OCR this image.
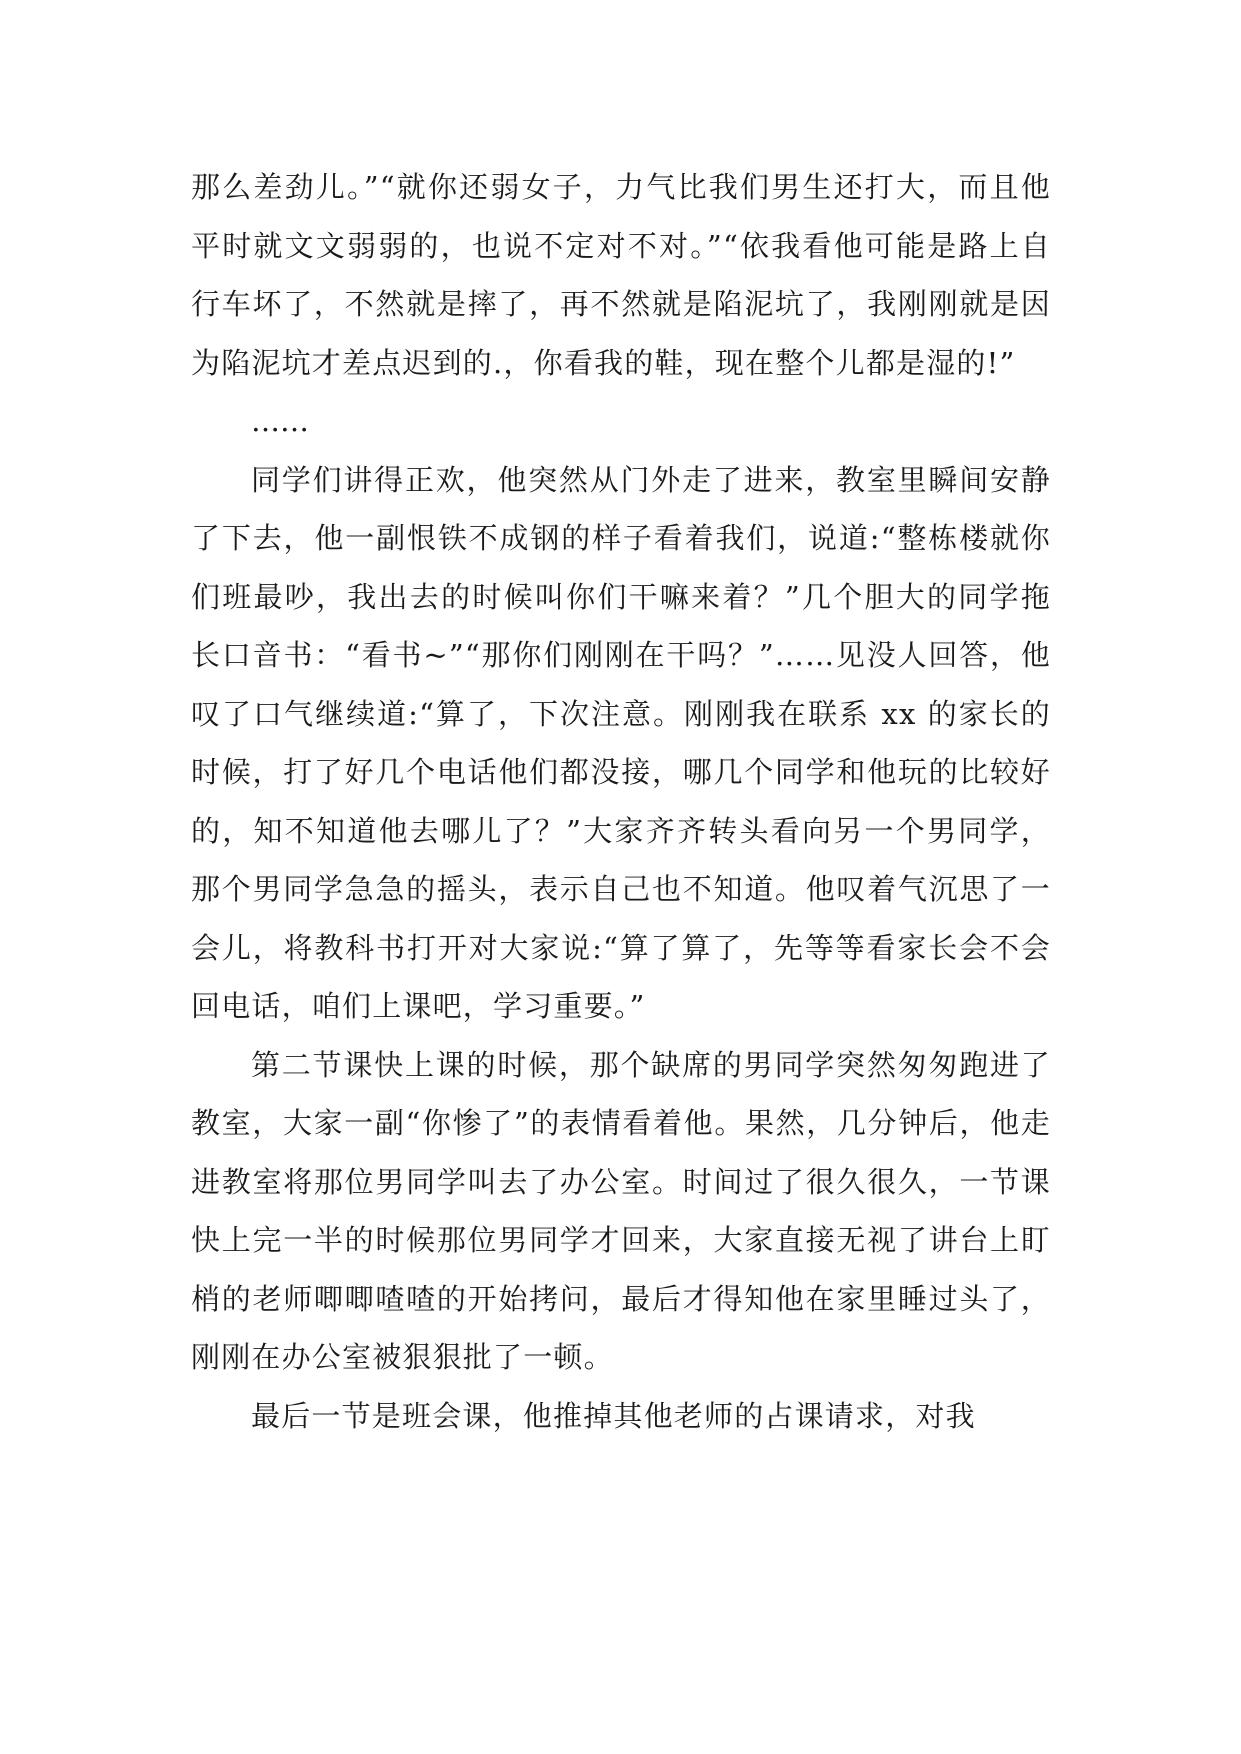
那么差劲儿。”“就你还弱女子，力气比我们男生还打大，而且他平时就文文弱弱的，也说不定对不对。”“依我看他可能是路上自行车坏了，不然就是摔了，再不然就是陷泥坑了，我刚刚就是因为陷泥坑才差点迟到的.，你看我的鞋，现在整个儿都是湿的!”

……

同学们讲得正欢，他突然从门外走了进来，教室里瞬间安静了下去，他一副恨铁不成钢的样子看着我们，说道:“整栋楼就你们班最吵，我出去的时候叫你们干嘛来着？”几个胆大的同学拖长口音书：“看书~”“那你们刚刚在干吗？”……见没人回答，他叹了口气继续道:“算了，下次注意。刚刚我在联系 xx 的家长的时候，打了好几个电话他们都没接，哪几个同学和他玩的比较好的，知不知道他去哪儿了？”大家齐齐转头看向另一个男同学，那个男同学急急的摇头，表示自己也不知道。他叹着气沉思了一会儿，将教科书打开对大家说:“算了算了，先等等看家长会不会回电话，咱们上课吧，学习重要。”

第二节课快上课的时候，那个缺席的男同学突然匆匆跑进了教室，大家一副“你惨了”的表情看着他。果然，几分钟后，他走进教室将那位男同学叫去了办公室。时间过了很久很久，一节课快上完一半的时候那位男同学才回来，大家直接无视了讲台上盯梢的老师唧唧喳喳的开始拷问，最后才得知他在家里睡过头了，刚刚在办公室被狠狠批了一顿。

最后一节是班会课，他推掉其他老师的占课请求，对我
